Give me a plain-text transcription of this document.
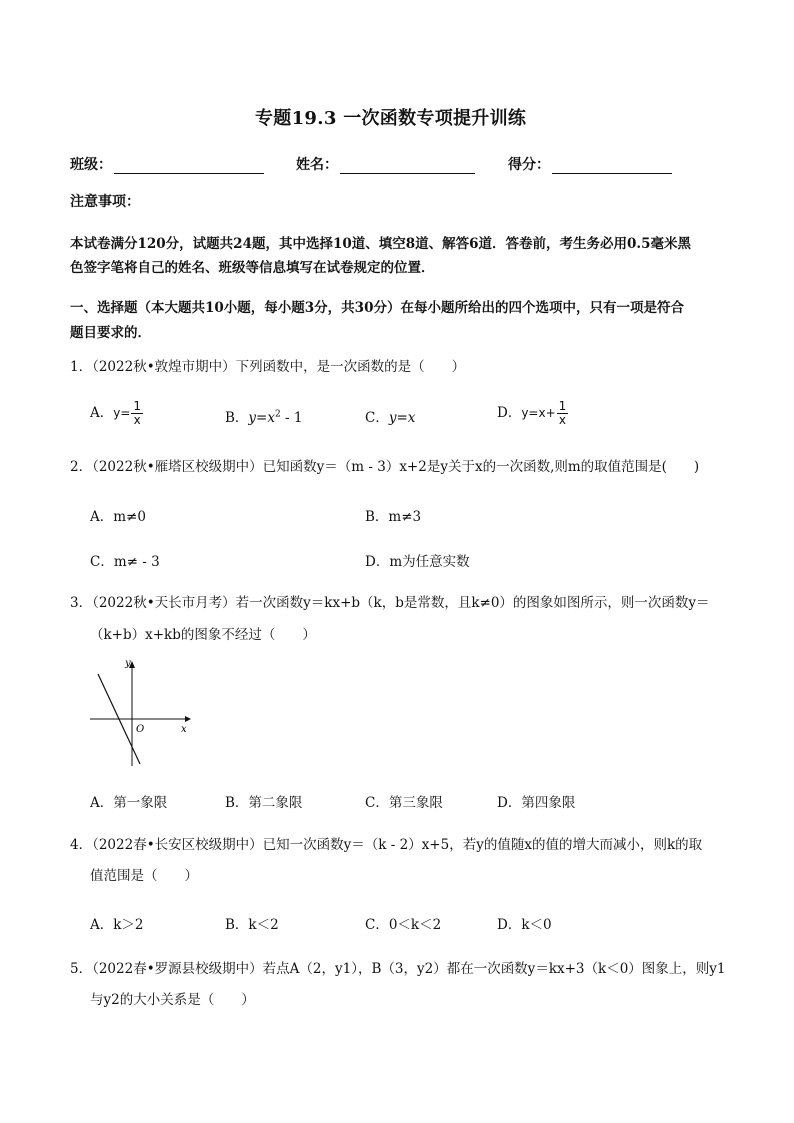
专题19.3 一次函数专项提升训练
班级：	姓名：	得分：
注意事项：
本试卷满分120分，试题共24题，其中选择10道、填空8道、解答6道．答卷前，考生务必用0.5毫米黑
色签字笔将自己的姓名、班级等信息填写在试卷规定的位置．
一、选择题（本大题共10小题，每小题3分，共30分）在每小题所给出的四个选项中，只有一项是符合
题目要求的．
1．（2022秋•敦煌市期中）下列函数中，是一次函数的是（　　）
A．$y= \frac{1}{x}$	B．$y=x^2 - 1$	C．y=x	D．$y=x+ \frac{1}{x}$
2．（2022秋•雁塔区校级期中）已知函数y＝（m - 3）x+2是y关于x的一次函数,则m的取值范围是(　　)
A．m≠0	B．m≠3
C．m≠ - 3	D．m为任意实数
3．（2022秋•天长市月考）若一次函数y＝kx+b（k，b是常数，且k≠0）的图象如图所示，则一次函数y＝
（k+b）x+kb的图象不经过（　　）
y
x
O
A．第一象限	B．第二象限	C．第三象限	D．第四象限
4．（2022春•长安区校级期中）已知一次函数y＝（k - 2）x+5，若y的值随x的值的增大而减小，则k的取
值范围是（　　）
A．k＞2	B．k＜2	C．0＜k＜2	D．k＜0
5．（2022春•罗源县校级期中）若点A（2，y1），B（3，y2）都在一次函数y＝kx+3（k＜0）图象上，则y1
与y2的大小关系是（　　）
